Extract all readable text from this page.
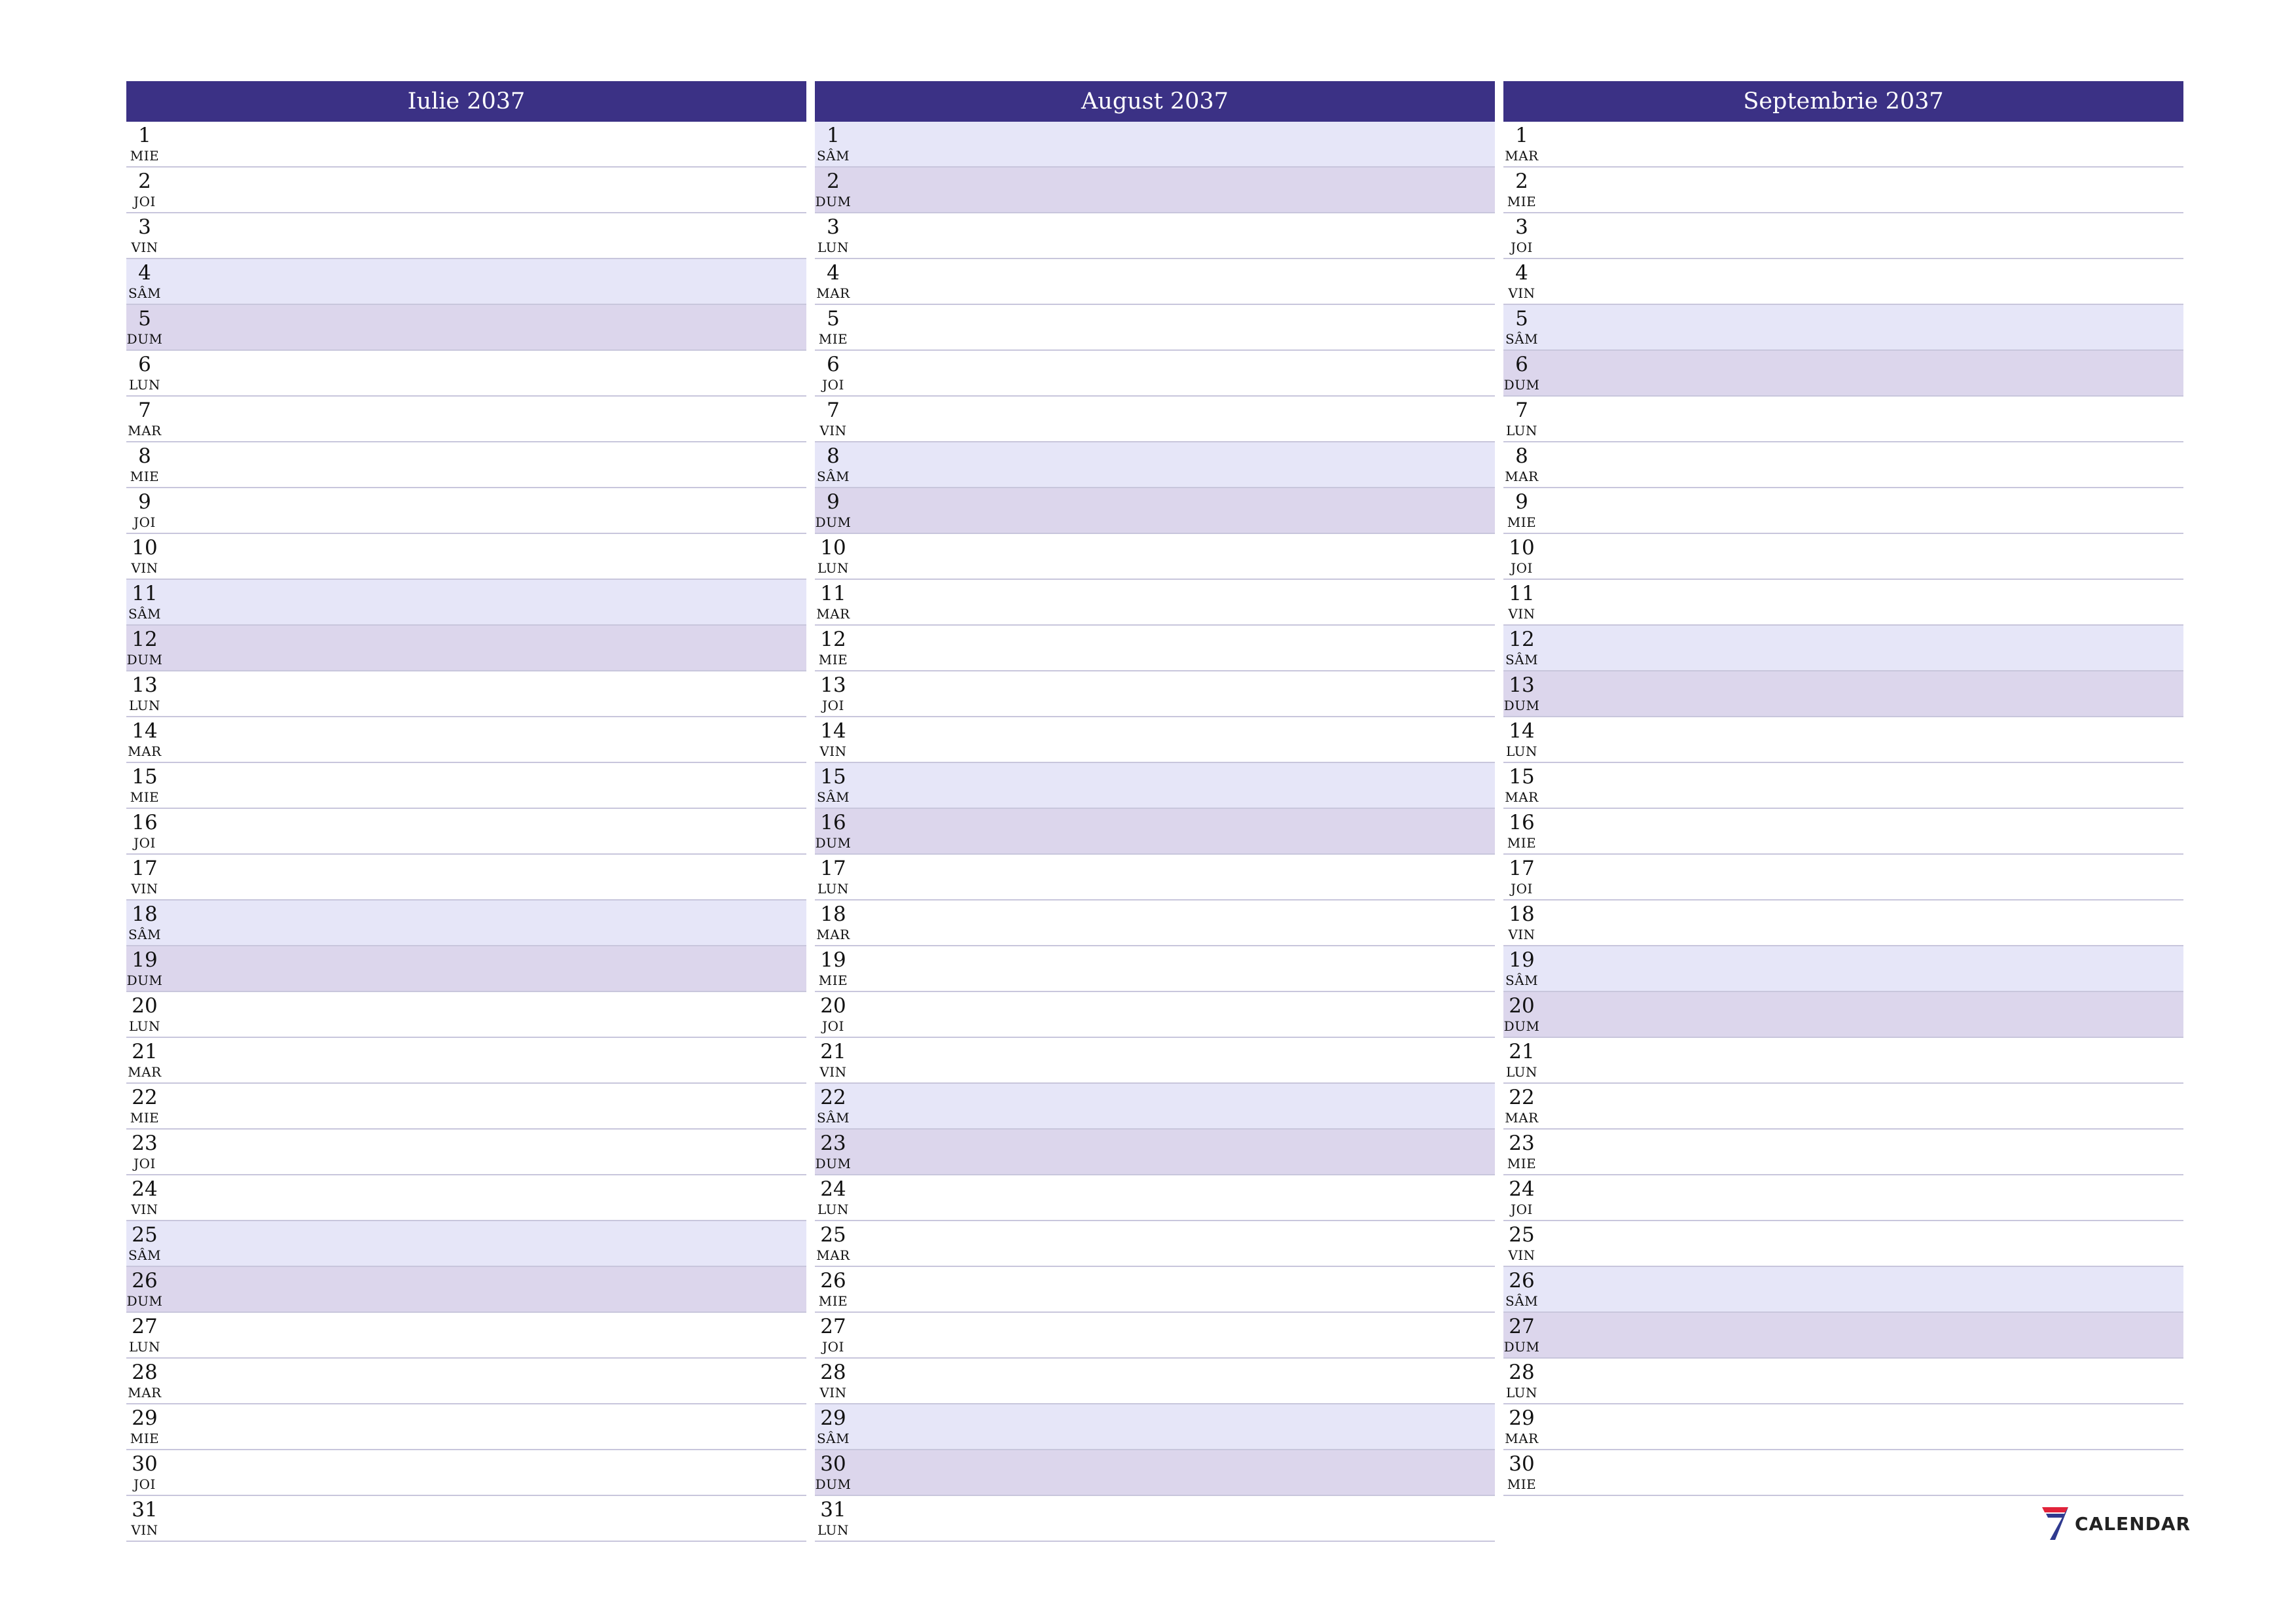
Iulie 2037
1
MIE
2
JOI
3
VIN
4
SÂM
5
DUM
6
LUN
7
MAR
8
MIE
9
JOI
10
VIN
11
SÂM
12
DUM
13
LUN
14
MAR
15
MIE
16
JOI
17
VIN
18
SÂM
19
DUM
20
LUN
21
MAR
22
MIE
23
JOI
24
VIN
25
SÂM
26
DUM
27
LUN
28
MAR
29
MIE
30
JOI
31
VIN
August 2037
1
SÂM
2
DUM
3
LUN
4
MAR
5
MIE
6
JOI
7
VIN
8
SÂM
9
DUM
10
LUN
11
MAR
12
MIE
13
JOI
14
VIN
15
SÂM
16
DUM
17
LUN
18
MAR
19
MIE
20
JOI
21
VIN
22
SÂM
23
DUM
24
LUN
25
MAR
26
MIE
27
JOI
28
VIN
29
SÂM
30
DUM
31
LUN
Septembrie 2037
1
MAR
2
MIE
3
JOI
4
VIN
5
SÂM
6
DUM
7
LUN
8
MAR
9
MIE
10
JOI
11
VIN
12
SÂM
13
DUM
14
LUN
15
MAR
16
MIE
17
JOI
18
VIN
19
SÂM
20
DUM
21
LUN
22
MAR
23
MIE
24
JOI
25
VIN
26
SÂM
27
DUM
28
LUN
29
MAR
30
MIE
CALENDAR
